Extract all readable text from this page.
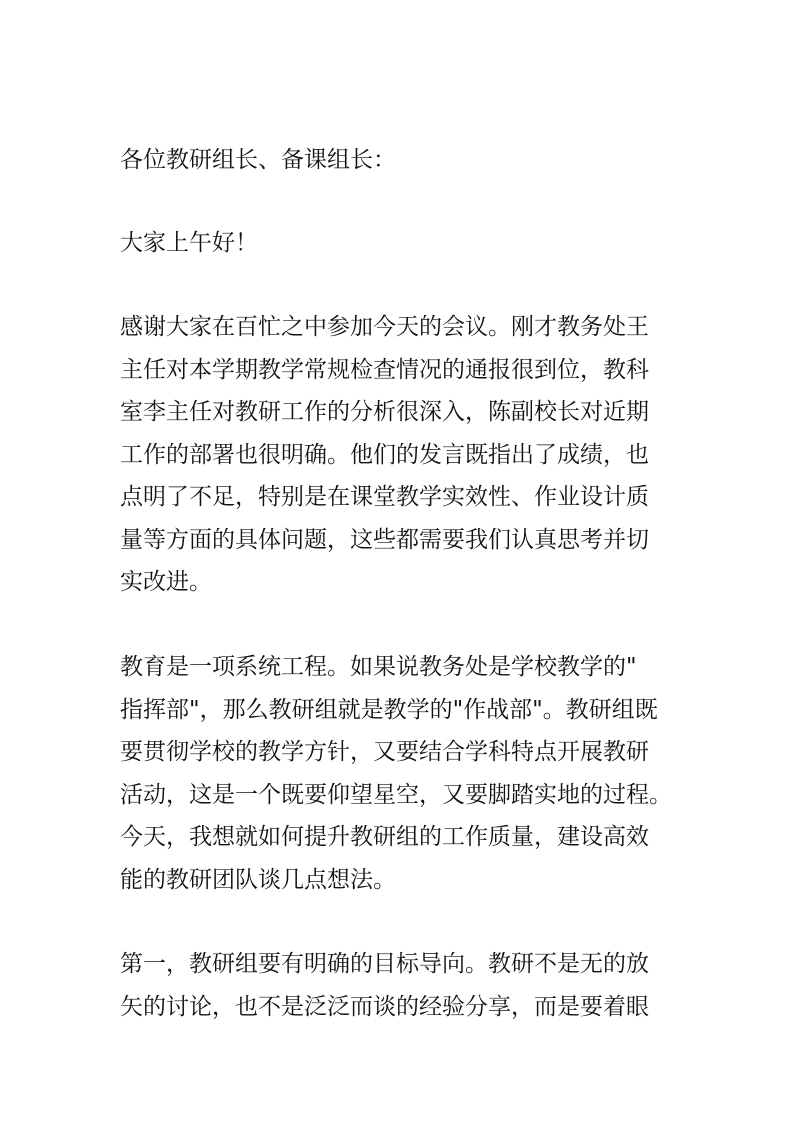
各位教研组长、备课组长：
大家上午好！
感谢大家在百忙之中参加今天的会议。刚才教务处王
主任对本学期教学常规检查情况的通报很到位，教科
室李主任对教研工作的分析很深入，陈副校长对近期
工作的部署也很明确。他们的发言既指出了成绩，也
点明了不足，特别是在课堂教学实效性、作业设计质
量等方面的具体问题，这些都需要我们认真思考并切
实改进。
教育是一项系统工程。如果说教务处是学校教学的"
指挥部"，那么教研组就是教学的"作战部"。教研组既
要贯彻学校的教学方针，又要结合学科特点开展教研
活动，这是一个既要仰望星空，又要脚踏实地的过程。
今天，我想就如何提升教研组的工作质量，建设高效
能的教研团队谈几点想法。
第一，教研组要有明确的目标导向。教研不是无的放
矢的讨论，也不是泛泛而谈的经验分享，而是要着眼
